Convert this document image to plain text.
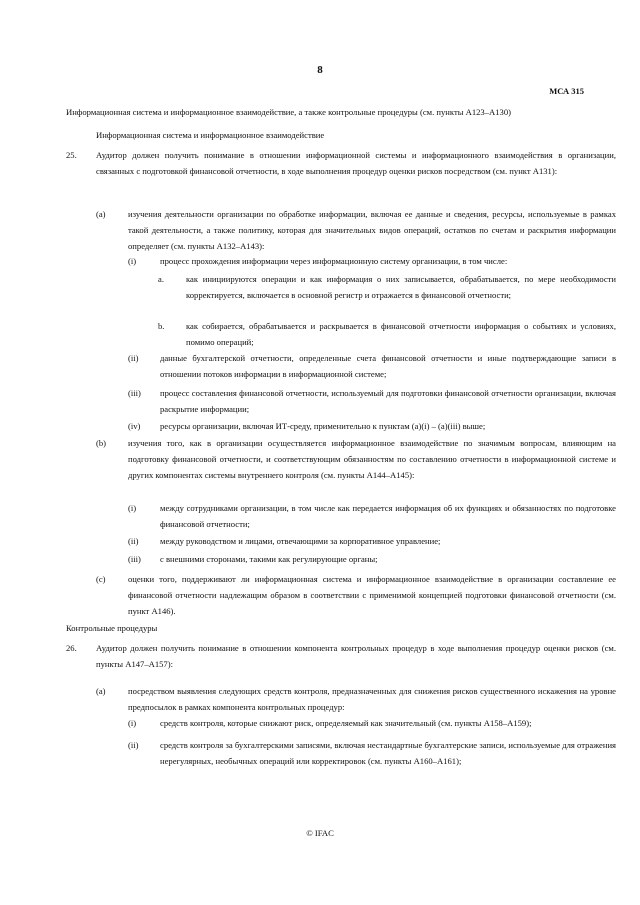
8
МСА 315

Информационная система и информационное взаимодействие, а также контрольные процедуры (см. пункты А123–А130)

Информационная система и информационное взаимодействие

25. Аудитор должен получить понимание в отношении информационной системы и информационного взаимодействия в организации, связанных с подготовкой финансовой отчетности, в ходе выполнения процедур оценки рисков посредством (см. пункт А131):

(a)	изучения деятельности организации по обработке информации, включая ее данные и сведения, ресурсы, используемые в рамках такой деятельности, а также политику, которая для значительных видов операций, остатков по счетам и раскрытия информации определяет (см. пункты А132–А143):

(i)	процесс прохождения информации через информационную систему организации, в том числе:

a.	как инициируются операции и как информация о них записывается, обрабатывается, по мере необходимости корректируется, включается в основной регистр и отражается в финансовой отчетности;

b.	как собирается, обрабатывается и раскрывается в финансовой отчетности информация о событиях и условиях, помимо операций;

(ii)	данные бухгалтерской отчетности, определенные счета финансовой отчетности и иные подтверждающие записи в отношении потоков информации в информационной системе;

(iii) процесс составления финансовой отчетности, используемый для подготовки финансовой отчетности организации, включая раскрытие информации;

(iv) ресурсы организации, включая ИТ-среду, применительно к пунктам (a)(i) – (a)(iii) выше;

(b)	изучения того, как в организации осуществляется информационное взаимодействие по значимым вопросам, влияющим на подготовку финансовой отчетности, и соответствующим обязанностям по составлению отчетности в информационной системе и других компонентах системы внутреннего контроля (см. пункты А144–А145):

(i)	между сотрудниками организации, в том числе как передается информация об их функциях и обязанностях по подготовке финансовой отчетности;

(ii)	между руководством и лицами, отвечающими за корпоративное управление;

(iii) с внешними сторонами, такими как регулирующие органы;

(c)	оценки того, поддерживают ли информационная система и информационное взаимодействие в организации составление ее финансовой отчетности надлежащим образом в соответствии с применимой концепцией подготовки финансовой отчетности (см. пункт А146).

Контрольные процедуры

26. Аудитор должен получить понимание в отношении компонента контрольных процедур в ходе выполнения процедур оценки рисков (см. пункты А147–А157):

(a)	посредством выявления следующих средств контроля, предназначенных для снижения рисков существенного искажения на уровне предпосылок в рамках компонента контрольных процедур:

(i)	средств контроля, которые снижают риск, определяемый как значительный (см. пункты А158–А159);

(ii)	средств контроля за бухгалтерскими записями, включая нестандартные бухгалтерские записи, используемые для отражения нерегулярных, необычных операций или корректировок (см. пункты А160–А161);

© IFAC
